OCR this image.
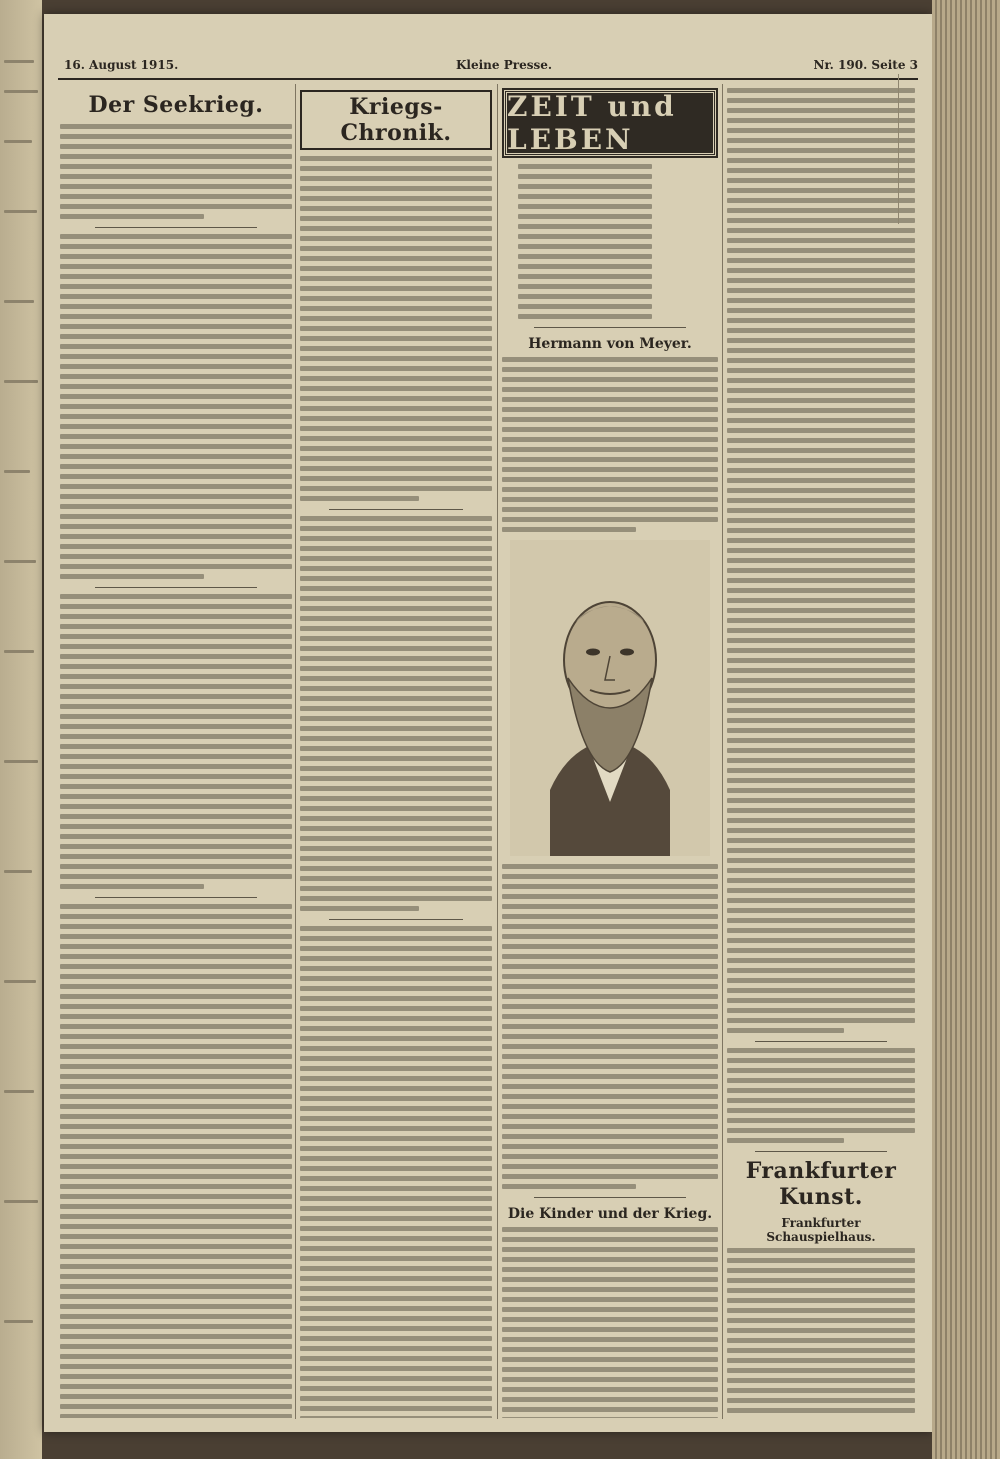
16. August 1915.	Kleine Presse.	Nr. 190. Seite 3
Der Seekrieg.	Kriegs-Chronik.
ZEIT und LEBEN
Hermann von Meyer.
Die Kinder und der Krieg.
Frankfurter Kunst.
Frankfurter Schauspielhaus.
